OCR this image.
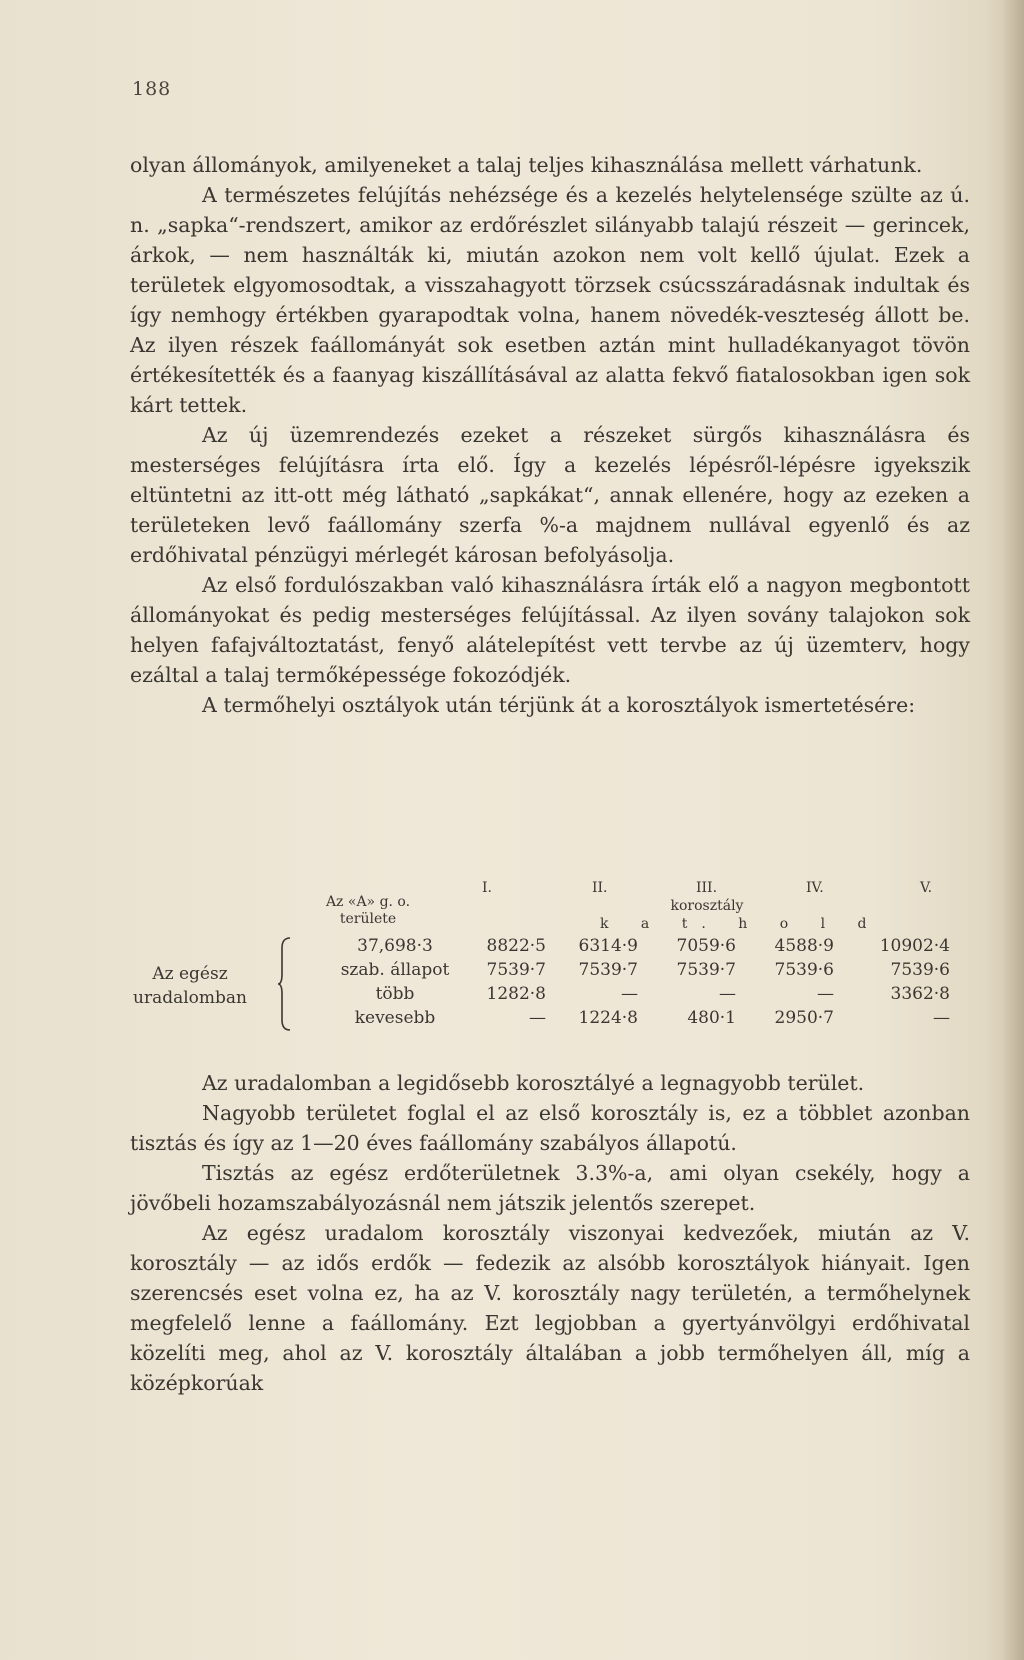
188

olyan állományok, amilyeneket a talaj teljes kihasználása mellett várhatunk.

A természetes felújítás nehézsége és a kezelés helytelensége szülte az ú. n. „sapka“-rendszert, amikor az erdőrészlet silányabb talajú részeit — gerincek, árkok, — nem használták ki, miután azokon nem volt kellő újulat. Ezek a területek elgyomosodtak, a visszahagyott törzsek csúcsszáradásnak indultak és így nemhogy értékben gyarapodtak volna, hanem növedék-veszteség állott be. Az ilyen részek faállományát sok esetben aztán mint hulladékanyagot tövön értékesítették és a faanyag kiszállításával az alatta fekvő fiatalosokban igen sok kárt tettek.

Az új üzemrendezés ezeket a részeket sürgős kihasználásra és mesterséges felújításra írta elő. Így a kezelés lépésről-lépésre igyekszik eltüntetni az itt-ott még látható „sapkákat“, annak ellenére, hogy az ezeken a területeken levő faállomány szerfa %-a majdnem nullával egyenlő és az erdőhivatal pénzügyi mérlegét károsan befolyásolja.

Az első fordulószakban való kihasználásra írták elő a nagyon megbontott állományokat és pedig mesterséges felújítással. Az ilyen sovány talajokon sok helyen fafajváltoztatást, fenyő alátelepítést vett tervbe az új üzemterv, hogy ezáltal a talaj termőképessége fokozódjék.

A termőhelyi osztályok után térjünk át a korosztályok ismertetésére:

Az «A» g. o. területe
I.	II.	III.	IV.	V.
korosztály
k a t. h o l d
Az egész uradalomban
37,698·3	8822·5	6314·9	7059·6	4588·9	10902·4
szab. állapot	7539·7	7539·7	7539·7	7539·6	7539·6
több	1282·8	—	—	—	3362·8
kevesebb	—	1224·8	480·1	2950·7	—

Az uradalomban a legidősebb korosztályé a legnagyobb terület.

Nagyobb területet foglal el az első korosztály is, ez a többlet azonban tisztás és így az 1—20 éves faállomány szabályos állapotú.

Tisztás az egész erdőterületnek 3.3%-a, ami olyan csekély, hogy a jövőbeli hozamszabályozásnál nem játszik jelentős szerepet.

Az egész uradalom korosztály viszonyai kedvezőek, miután az V. korosztály — az idős erdők — fedezik az alsóbb korosztályok hiányait. Igen szerencsés eset volna ez, ha az V. korosztály nagy területén, a termőhelynek megfelelő lenne a faállomány. Ezt legjobban a gyertyánvölgyi erdőhivatal közelíti meg, ahol az V. korosztály általában a jobb termőhelyen áll, míg a középkorúak
